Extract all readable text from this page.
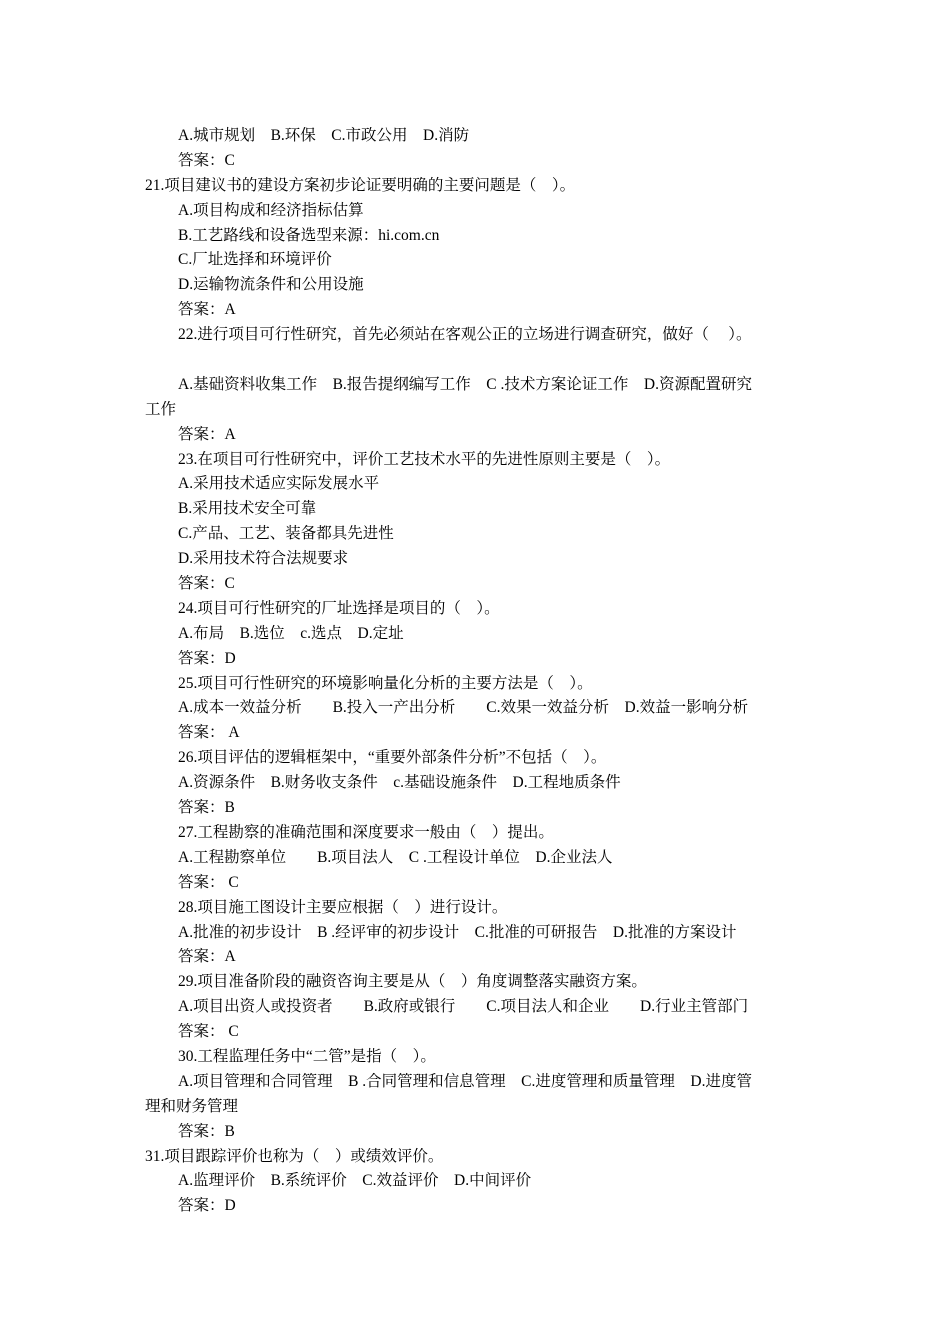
A.城市规划    B.环保    C.市政公用    D.消防
答案：C
21.项目建议书的建设方案初步论证要明确的主要问题是（    ）。
A.项目构成和经济指标估算
B.工艺路线和设备选型来源：hi.com.cn
C.厂址选择和环境评价
D.运输物流条件和公用设施
答案：A
22.进行项目可行性研究，首先必须站在客观公正的立场进行调查研究，做好（     ）。
A.基础资料收集工作    B.报告提纲编写工作    C .技术方案论证工作    D.资源配置研究
工作
答案：A
23.在项目可行性研究中，评价工艺技术水平的先进性原则主要是（    ）。
A.采用技术适应实际发展水平
B.采用技术安全可靠
C.产品、工艺、装备都具先进性
D.采用技术符合法规要求
答案：C
24.项目可行性研究的厂址选择是项目的（    ）。
A.布局    B.选位    c.选点    D.定址
答案：D
25.项目可行性研究的环境影响量化分析的主要方法是（    ）。
A.成本一效益分析        B.投入一产出分析        C.效果一效益分析    D.效益一影响分析
答案： A
26.项目评估的逻辑框架中，“重要外部条件分析”不包括（    ）。
A.资源条件    B.财务收支条件    c.基础设施条件    D.工程地质条件
答案：B
27.工程勘察的准确范围和深度要求一般由（    ）提出。
A.工程勘察单位        B.项目法人    C .工程设计单位    D.企业法人
答案： C
28.项目施工图设计主要应根据（    ）进行设计。
A.批准的初步设计    B .经评审的初步设计    C.批准的可研报告    D.批准的方案设计
答案：A
29.项目准备阶段的融资咨询主要是从（    ）角度调整落实融资方案。
A.项目出资人或投资者        B.政府或银行        C.项目法人和企业        D.行业主管部门
答案： C
30.工程监理任务中“二管”是指（    ）。
A.项目管理和合同管理    B .合同管理和信息管理    C.进度管理和质量管理    D.进度管
理和财务管理
答案：B
31.项目跟踪评价也称为（    ）或绩效评价。
A.监理评价    B.系统评价    C.效益评价    D.中间评价
答案：D
